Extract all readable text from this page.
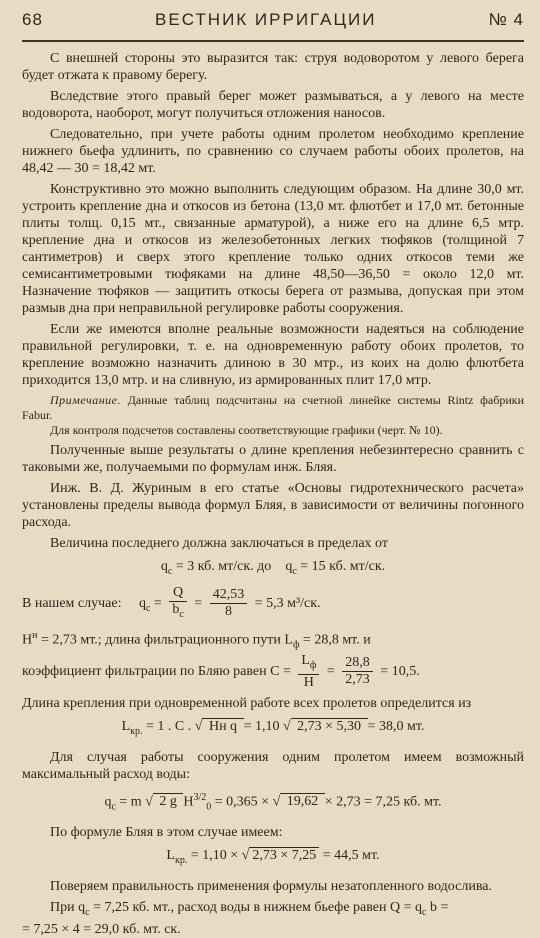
68	ВЕСТНИК ИРРИГАЦИИ	№ 4

С внешней стороны это выразится так: струя водоворотом у левого берега будет отжата к правому берегу.

Вследствие этого правый берег может размываться, а у левого на месте водоворота, наоборот, могут получиться отложения наносов.

Следовательно, при учете работы одним пролетом необходимо крепление нижнего бьефа удлинить, по сравнению со случаем работы обоих пролетов, на 48,42 — 30 = 18,42 мт.

Конструктивно это можно выполнить следующим образом. На длине 30,0 мт. устроить крепление дна и откосов из бетона (13,0 мт. флютбет и 17,0 мт. бетонные плиты толщ. 0,15 мт., связанные арматурой), а ниже его на длине 6,5 мтр. крепление дна и откосов из железобетонных легких тюфяков (толщиной 7 сантиметров) и сверх этого крепление только одних откосов теми же семисантиметровыми тюфяками на длине 48,50—36,50 = около 12,0 мт. Назначение тюфяков — защитить откосы берега от размыва, допуская при этом размыв дна при неправильной регулировке работы сооружения.

Если же имеются вполне реальные возможности надеяться на соблюдение правильной регулировки, т. е. на одновременную работу обоих пролетов, то крепление возможно назначить длиною в 30 мтр., из коих на долю флютбета приходится 13,0 мтр. и на сливную, из армированных плит 17,0 мтр.

Примечание. Данные таблиц подсчитаны на счетной линейке системы Rintz фабрики Fabur.

Для контроля подсчетов составлены соответствующие графики (черт. № 10).

Полученные выше результаты о длине крепления небезинтересно сравнить с таковыми же, получаемыми по формулам инж. Бляя.

Инж. В. Д. Журиным в его статье «Основы гидротехнического расчета» установлены пределы вывода формул Бляя, в зависимости от величины погонного расхода.

Величина последнего должна заключаться в пределах от

$q_c = 3$ кб. мт/ск. до $q_c = 15$ кб. мт/ск.
В нашем случае: $q_c = \frac{Q}{b_c} = \frac{42,53}{8} = 5,3$ м³/ск.

$H^н = 2,73$ мт.; длина фильтрационного пути $L_ф = 28,8$ мт. и

коэффициент фильтрации по Бляю равен $C = \frac{L_ф}{H} = \frac{28,8}{2,73} = 10,5$.

Длина крепления при одновременной работе всех пролетов определится из

$L_{кр.} = 1$ . C . √ Hн q = 1,10 √ 2,73 × 5,30 = 38,0 мт.

Для случая работы сооружения одним пролетом имеем возможный максимальный расход воды:

$q_c = m$ √ 2 g $H^{3/2}_0 = 0,365$ × √ 19,62 × 2,73 = 7,25 кб. мт.

По формуле Бляя в этом случае имеем:

$L_{кр.} = 1,10$ × √ 2,73 × 7,25 = 44,5 мт.

Поверяем правильность применения формулы незатопленного водослива.

При $q_c = 7,25$ кб. мт., расход воды в нижнем бьефе равен $Q = q_c$ b =

= 7,25 × 4 = 29,0 кб. мт. ск.
